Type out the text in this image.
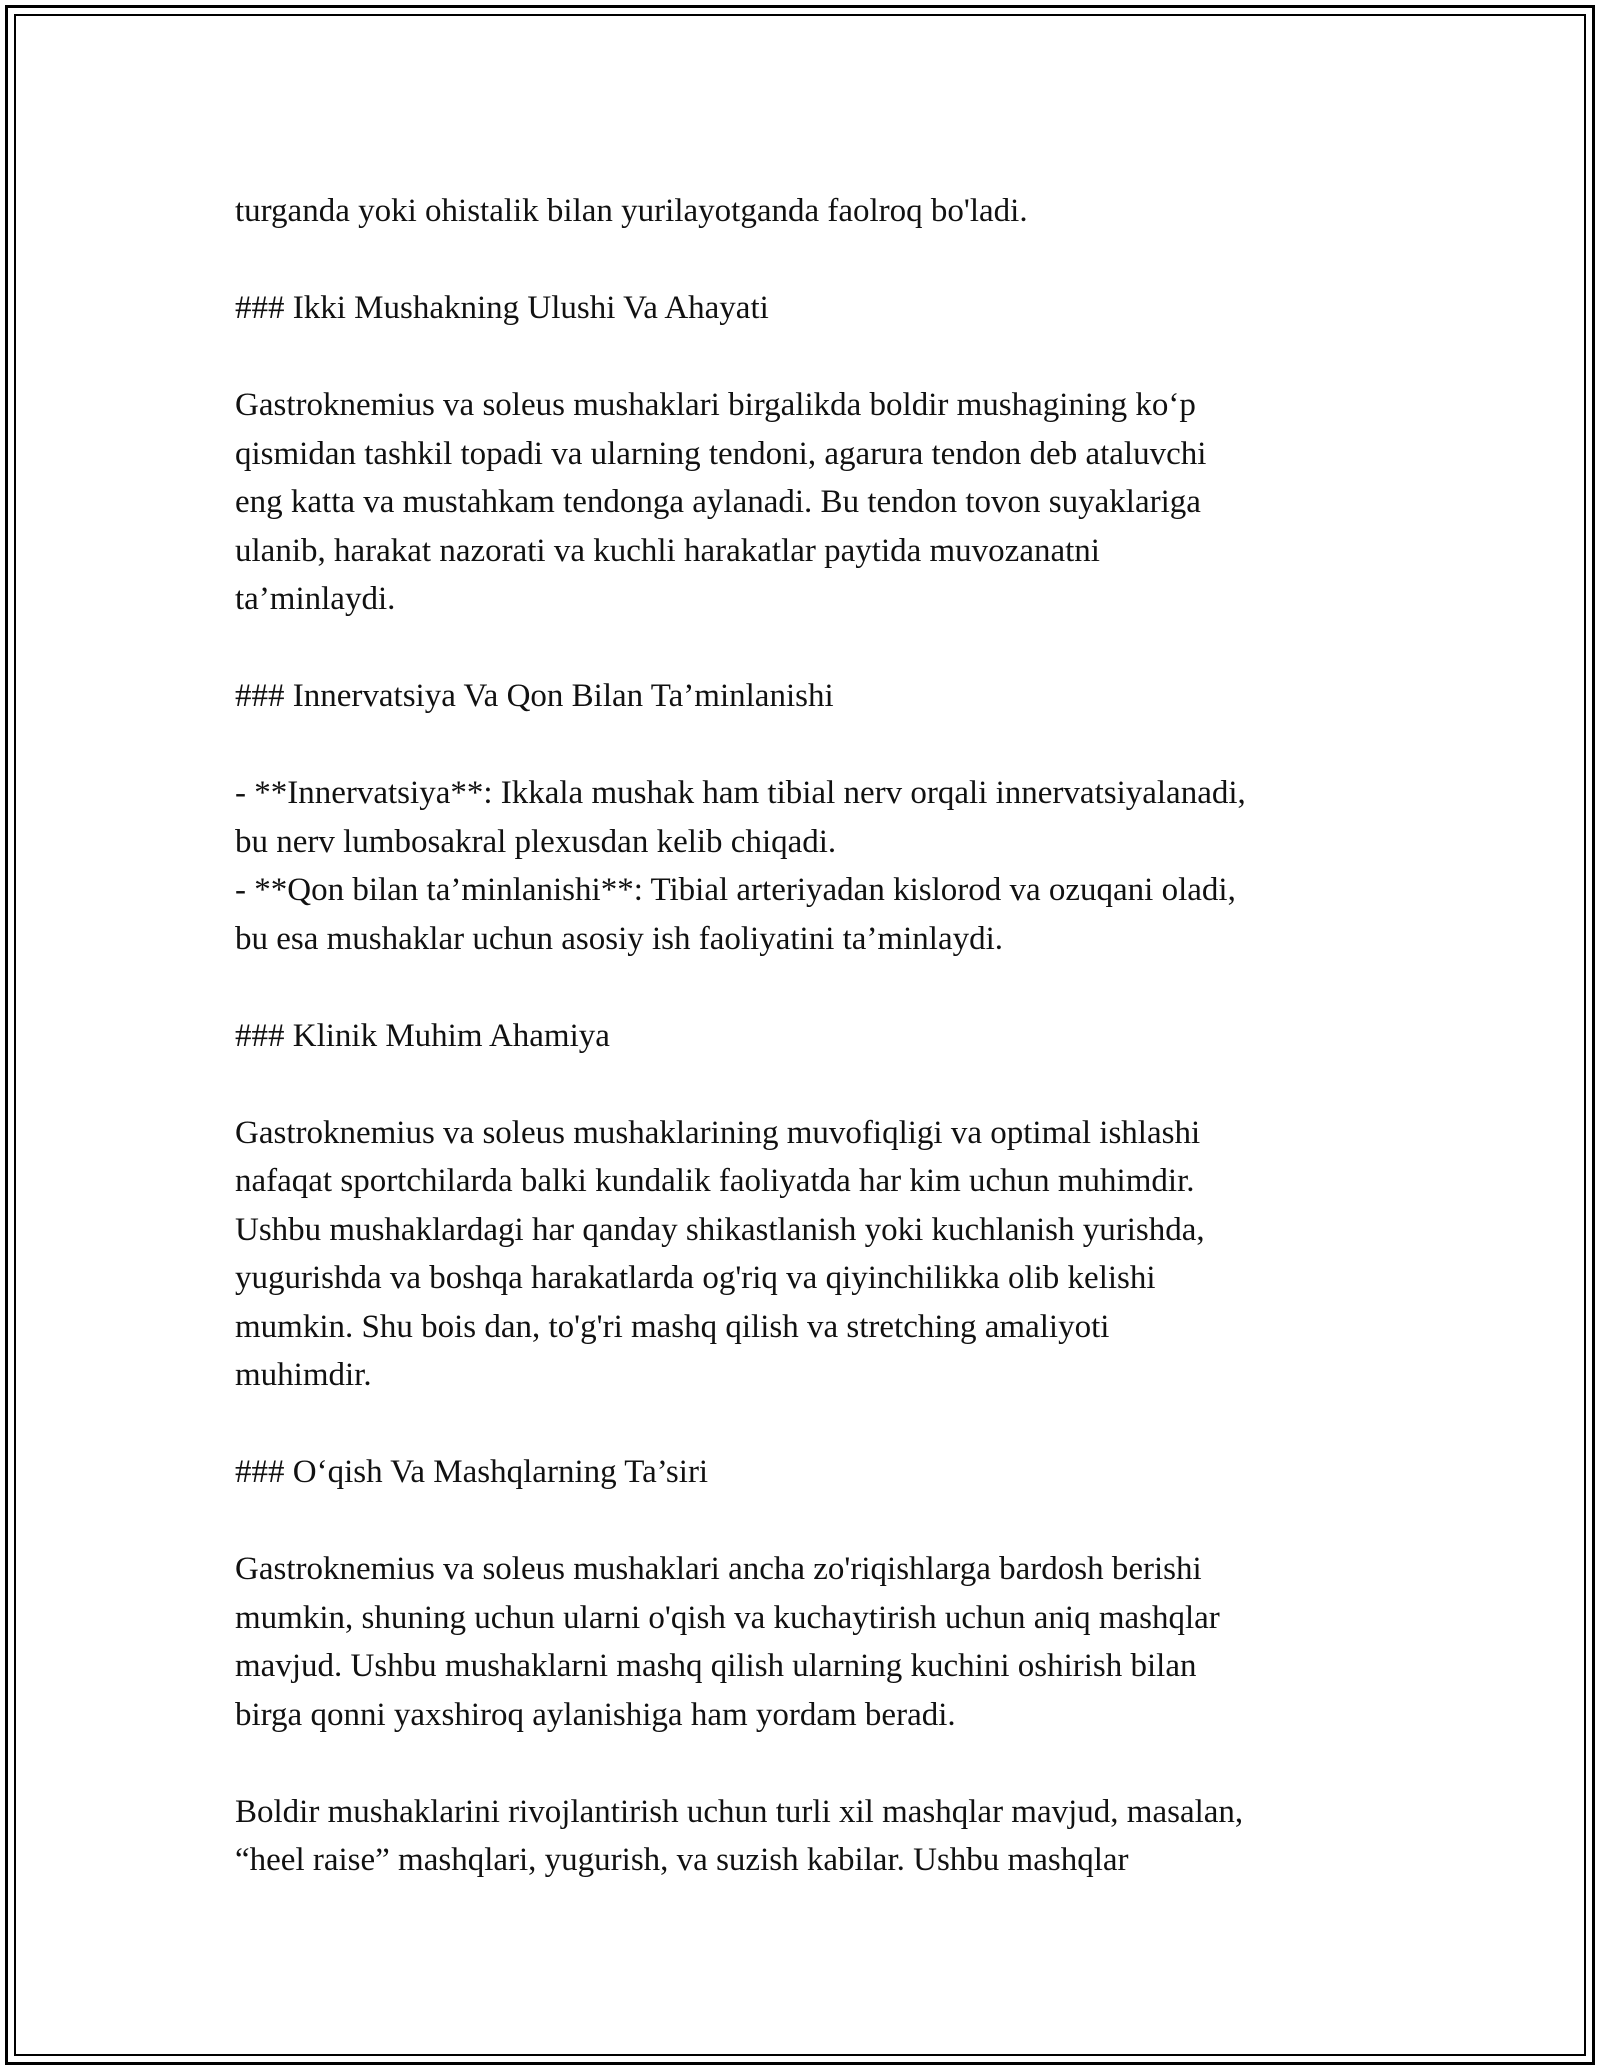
turganda yoki ohistalik bilan yurilayotganda faolroq bo'ladi.
### Ikki Mushakning Ulushi Va Ahayati
Gastroknemius va soleus mushaklari birgalikda boldir mushagining ko‘p
qismidan tashkil topadi va ularning tendoni, agarura tendon deb ataluvchi
eng katta va mustahkam tendonga aylanadi. Bu tendon tovon suyaklariga
ulanib, harakat nazorati va kuchli harakatlar paytida muvozanatni
ta’minlaydi.
### Innervatsiya Va Qon Bilan Ta’minlanishi
- **Innervatsiya**: Ikkala mushak ham tibial nerv orqali innervatsiyalanadi,
bu nerv lumbosakral plexusdan kelib chiqadi.
- **Qon bilan ta’minlanishi**: Tibial arteriyadan kislorod va ozuqani oladi,
bu esa mushaklar uchun asosiy ish faoliyatini ta’minlaydi.
### Klinik Muhim Ahamiya
Gastroknemius va soleus mushaklarining muvofiqligi va optimal ishlashi
nafaqat sportchilarda balki kundalik faoliyatda har kim uchun muhimdir.
Ushbu mushaklardagi har qanday shikastlanish yoki kuchlanish yurishda,
yugurishda va boshqa harakatlarda og'riq va qiyinchilikka olib kelishi
mumkin. Shu bois dan, to'g'ri mashq qilish va stretching amaliyoti
muhimdir.
### O‘qish Va Mashqlarning Ta’siri
Gastroknemius va soleus mushaklari ancha zo'riqishlarga bardosh berishi
mumkin, shuning uchun ularni o'qish va kuchaytirish uchun aniq mashqlar
mavjud. Ushbu mushaklarni mashq qilish ularning kuchini oshirish bilan
birga qonni yaxshiroq aylanishiga ham yordam beradi.
Boldir mushaklarini rivojlantirish uchun turli xil mashqlar mavjud, masalan,
“heel raise” mashqlari, yugurish, va suzish kabilar. Ushbu mashqlar
